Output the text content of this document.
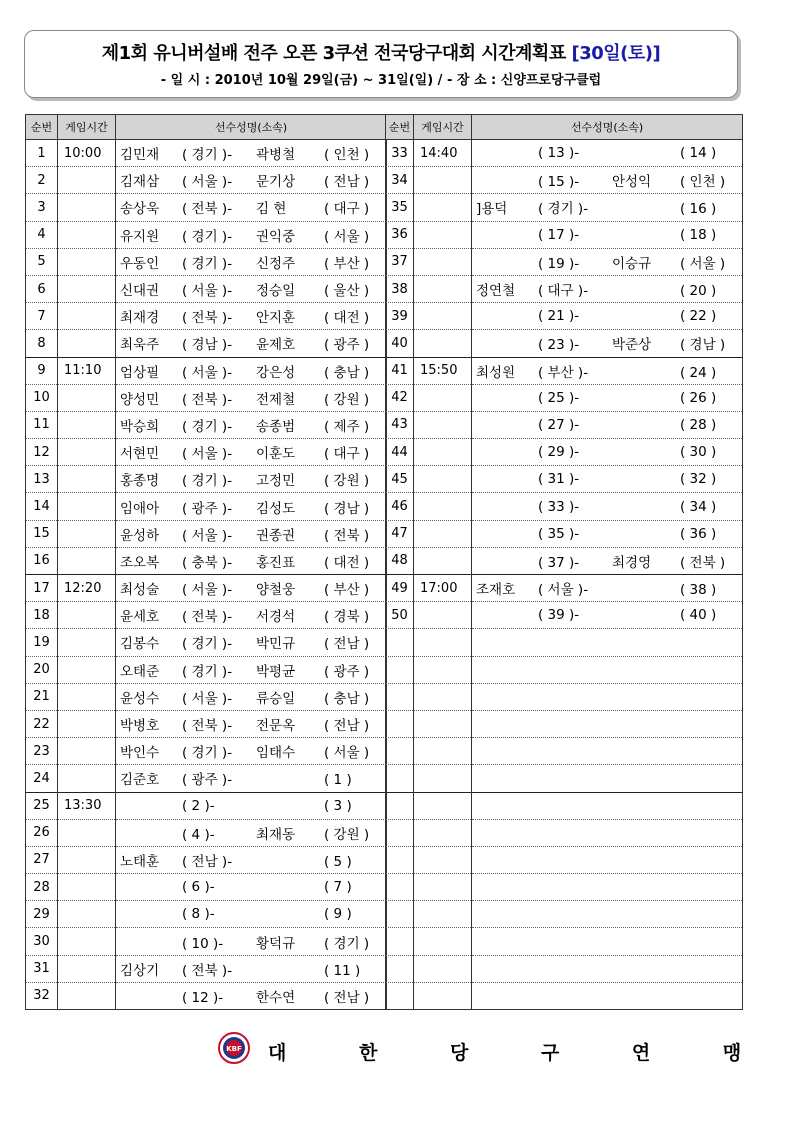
제1회 유니버설배 전주 오픈 3쿠션 전국당구대회 시간계획표 [30일(토)]
- 일 시 : 2010년 10월 29일(금) ~ 31일(일) / - 장 소 : 신양프로당구클럽
순번	게임시간	선수성명(소속)
1	10:00	김민재 ( 경기 )- 곽병철 ( 인천 )
2		김재삼 ( 서울 )- 문기상 ( 전남 )
3		송상욱 ( 전북 )- 김 현 ( 대구 )
4		유지원 ( 경기 )- 권익중 ( 서울 )
5		우동인 ( 경기 )- 신정주 ( 부산 )
6		신대권 ( 서울 )- 정승일 ( 울산 )
7		최재경 ( 전북 )- 안지훈 ( 대전 )
8		최욱주 ( 경남 )- 윤제호 ( 광주 )
9	11:10	엄상필 ( 서울 )- 강은성 ( 충남 )
10		양성민 ( 전북 )- 전제철 ( 강원 )
11		박승희 ( 경기 )- 송종범 ( 제주 )
12		서현민 ( 서울 )- 이훈도 ( 대구 )
13		홍종명 ( 경기 )- 고정민 ( 강원 )
14		임애아 ( 광주 )- 김성도 ( 경남 )
15		윤성하 ( 서울 )- 권종권 ( 전북 )
16		조오복 ( 충북 )- 홍진표 ( 대전 )
17	12:20	최성술 ( 서울 )- 양철웅 ( 부산 )
18		윤세호 ( 전북 )- 서경석 ( 경북 )
19		김봉수 ( 경기 )- 박민규 ( 전남 )
20		오태준 ( 경기 )- 박평균 ( 광주 )
21		윤성수 ( 서울 )- 류승일 ( 충남 )
22		박병호 ( 전북 )- 전문옥 ( 전남 )
23		박인수 ( 경기 )- 임태수 ( 서울 )
24		김준호 ( 광주 )- ( 1 )
25	13:30	( 2 )- ( 3 )
26		( 4 )- 최재동 ( 강원 )
27		노태훈 ( 전남 )- ( 5 )
28		( 6 )- ( 7 )
29		( 8 )- ( 9 )
30		( 10 )- 황덕규 ( 경기 )
31		김상기 ( 전북 )- ( 11 )
32		( 12 )- 한수연 ( 전남 )
순번	게임시간	선수성명(소속)
33	14:40	( 13 )- ( 14 )
34		( 15 )- 안성익 ( 인천 )
35		]용덕 ( 경기 )- ( 16 )
36		( 17 )- ( 18 )
37		( 19 )- 이승규 ( 서울 )
38		정연철 ( 대구 )- ( 20 )
39		( 21 )- ( 22 )
40		( 23 )- 박준상 ( 경남 )
41	15:50	최성원 ( 부산 )- ( 24 )
42		( 25 )- ( 26 )
43		( 27 )- ( 28 )
44		( 29 )- ( 30 )
45		( 31 )- ( 32 )
46		( 33 )- ( 34 )
47		( 35 )- ( 36 )
48		( 37 )- 최경영 ( 전북 )
49	17:00	조재호 ( 서울 )- ( 38 )
50		( 39 )- ( 40 )

KBF 대 한 당 구 연 맹
